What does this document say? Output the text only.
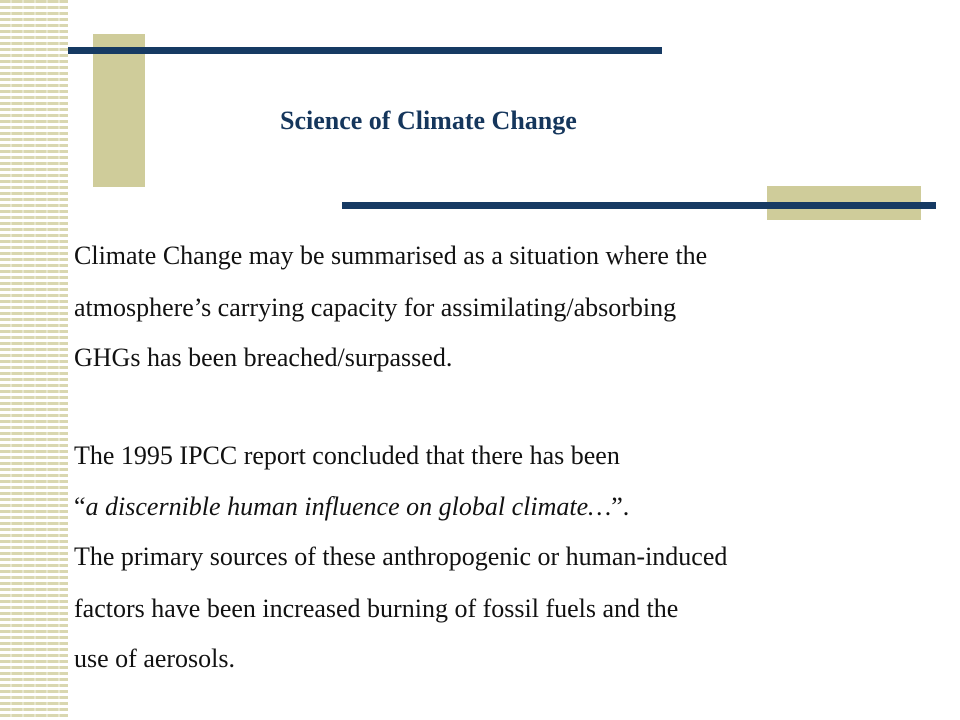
Science of Climate Change
Climate Change may be summarised as a situation where the
atmosphere’s carrying capacity for assimilating/absorbing
GHGs has been breached/surpassed.
The 1995 IPCC report concluded that there has been
“a discernible human influence on global climate…”.
The primary sources of these anthropogenic or human-induced
factors have been increased burning of fossil fuels and the
use of aerosols.
